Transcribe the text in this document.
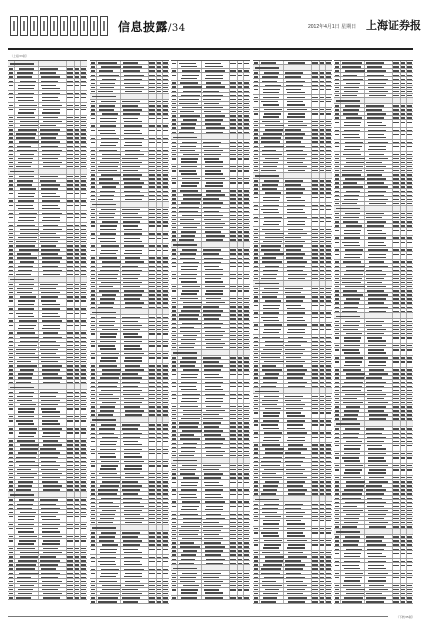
信息披露/34	2012年4月1日 星期日 上海证券报
（上接33版）
（下转35版）
